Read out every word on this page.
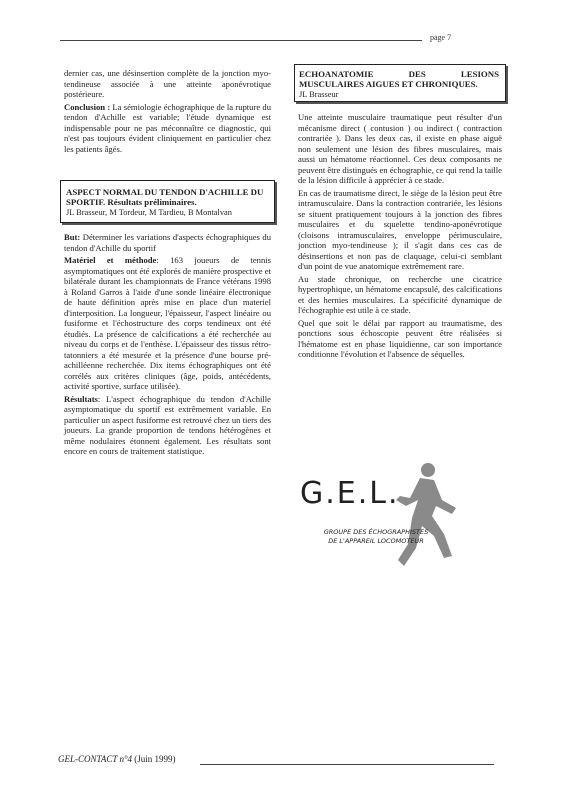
page 7

dernier cas, une désinsertion complète de la jonction myo-tendineuse associée à une atteinte aponévrotique postérieure.

Conclusion : La sémiologie échographique de la rupture du tendon d'Achille est variable; l'étude dynamique est indispensable pour ne pas méconnaître ce diagnostic, qui n'est pas toujours évident cliniquement en particulier chez les patients âgés.

ASPECT NORMAL DU TENDON D'ACHILLE DU SPORTIF. Résultats préliminaires.
JL Brasseur, M Tordeur, M Tardieu, B Montalvan

But: Déterminer les variations d'aspects échographiques du tendon d'Achille du sportif

Matériel et méthode: 163 joueurs de tennis asymptomatiques ont été explorés de manière prospective et bilatérale durant les championnats de France vétérans 1998 à Roland Garros à l'aide d'une sonde linéaire électronique de haute définition après mise en place d'un materiel d'interposition. La longueur, l'épaisseur, l'aspect linéaire ou fusiforme et l'échostructure des corps tendineux ont été étudiés. La présence de calcifications a été recherchée au niveau du corps et de l'enthèse. L'épaisseur des tissus rétro-tatonniers a été mesurée et la présence d'une bourse pré-achilléenne recherchée. Dix items échographiques ont été corrélés aux critères cliniques (âge, poids, antécédents, activité sportive, surface utilisée).

Résultats: L'aspect échographique du tendon d'Achille asymptomatique du sportif est extrêmement variable. En particulier un aspect fusiforme est retrouvé chez un tiers des joueurs. La grande proportion de tendons hétérogènes et même nodulaires étonnent également. Les résultats sont encore en cours de traitement statistique.

ECHOANATOMIE DES LESIONS
MUSCULAIRES AIGUES ET CHRONIQUES.
JL Brasseur

Une atteinte musculaire traumatique peut résulter d'un mécanisme direct ( contusion ) ou indirect ( contraction contrariée ). Dans les deux cas, il existe en phase aiguë non seulement une lésion des fibres musculaires, mais aussi un hématome réactionnel. Ces deux composants ne peuvent être distingués en échographie, ce qui rend la taille de la lésion difficile à apprécier à ce stade.

En cas de traumatisme direct, le siège de la lésion peut être intramusculaire. Dans la contraction contrariée, les lésions se situent pratiquement toujours à la jonction des fibres musculaires et du squelette tendino-aponévrotique (cloisons intramusculaires, enveloppe périmusculaire, jonction myo-tendineuse ); il s'agit dans ces cas de désinsertions et non pas de claquage, celui-ci semblant d'un point de vue anatomique extrêmement rare.

Au stade chronique, on recherche une cicatrice hypertrophique, un hématome encapsulé, des calcifications et des hernies musculaires. La spécificité dynamique de l'échographie est utile à ce stade.

Quel que soit le délai par rapport au traumatisme, des ponctions sous échoscopie peuvent être réalisées si l'hématome est en phase liquidienne, car son importance conditionne l'évolution et l'absence de séquelles.

G.E.L.
GROUPE DES ÉCHOGRAPHISTES
DE L'APPAREIL LOCOMOTEUR
GEL-CONTACT n°4 (Juin 1999)
